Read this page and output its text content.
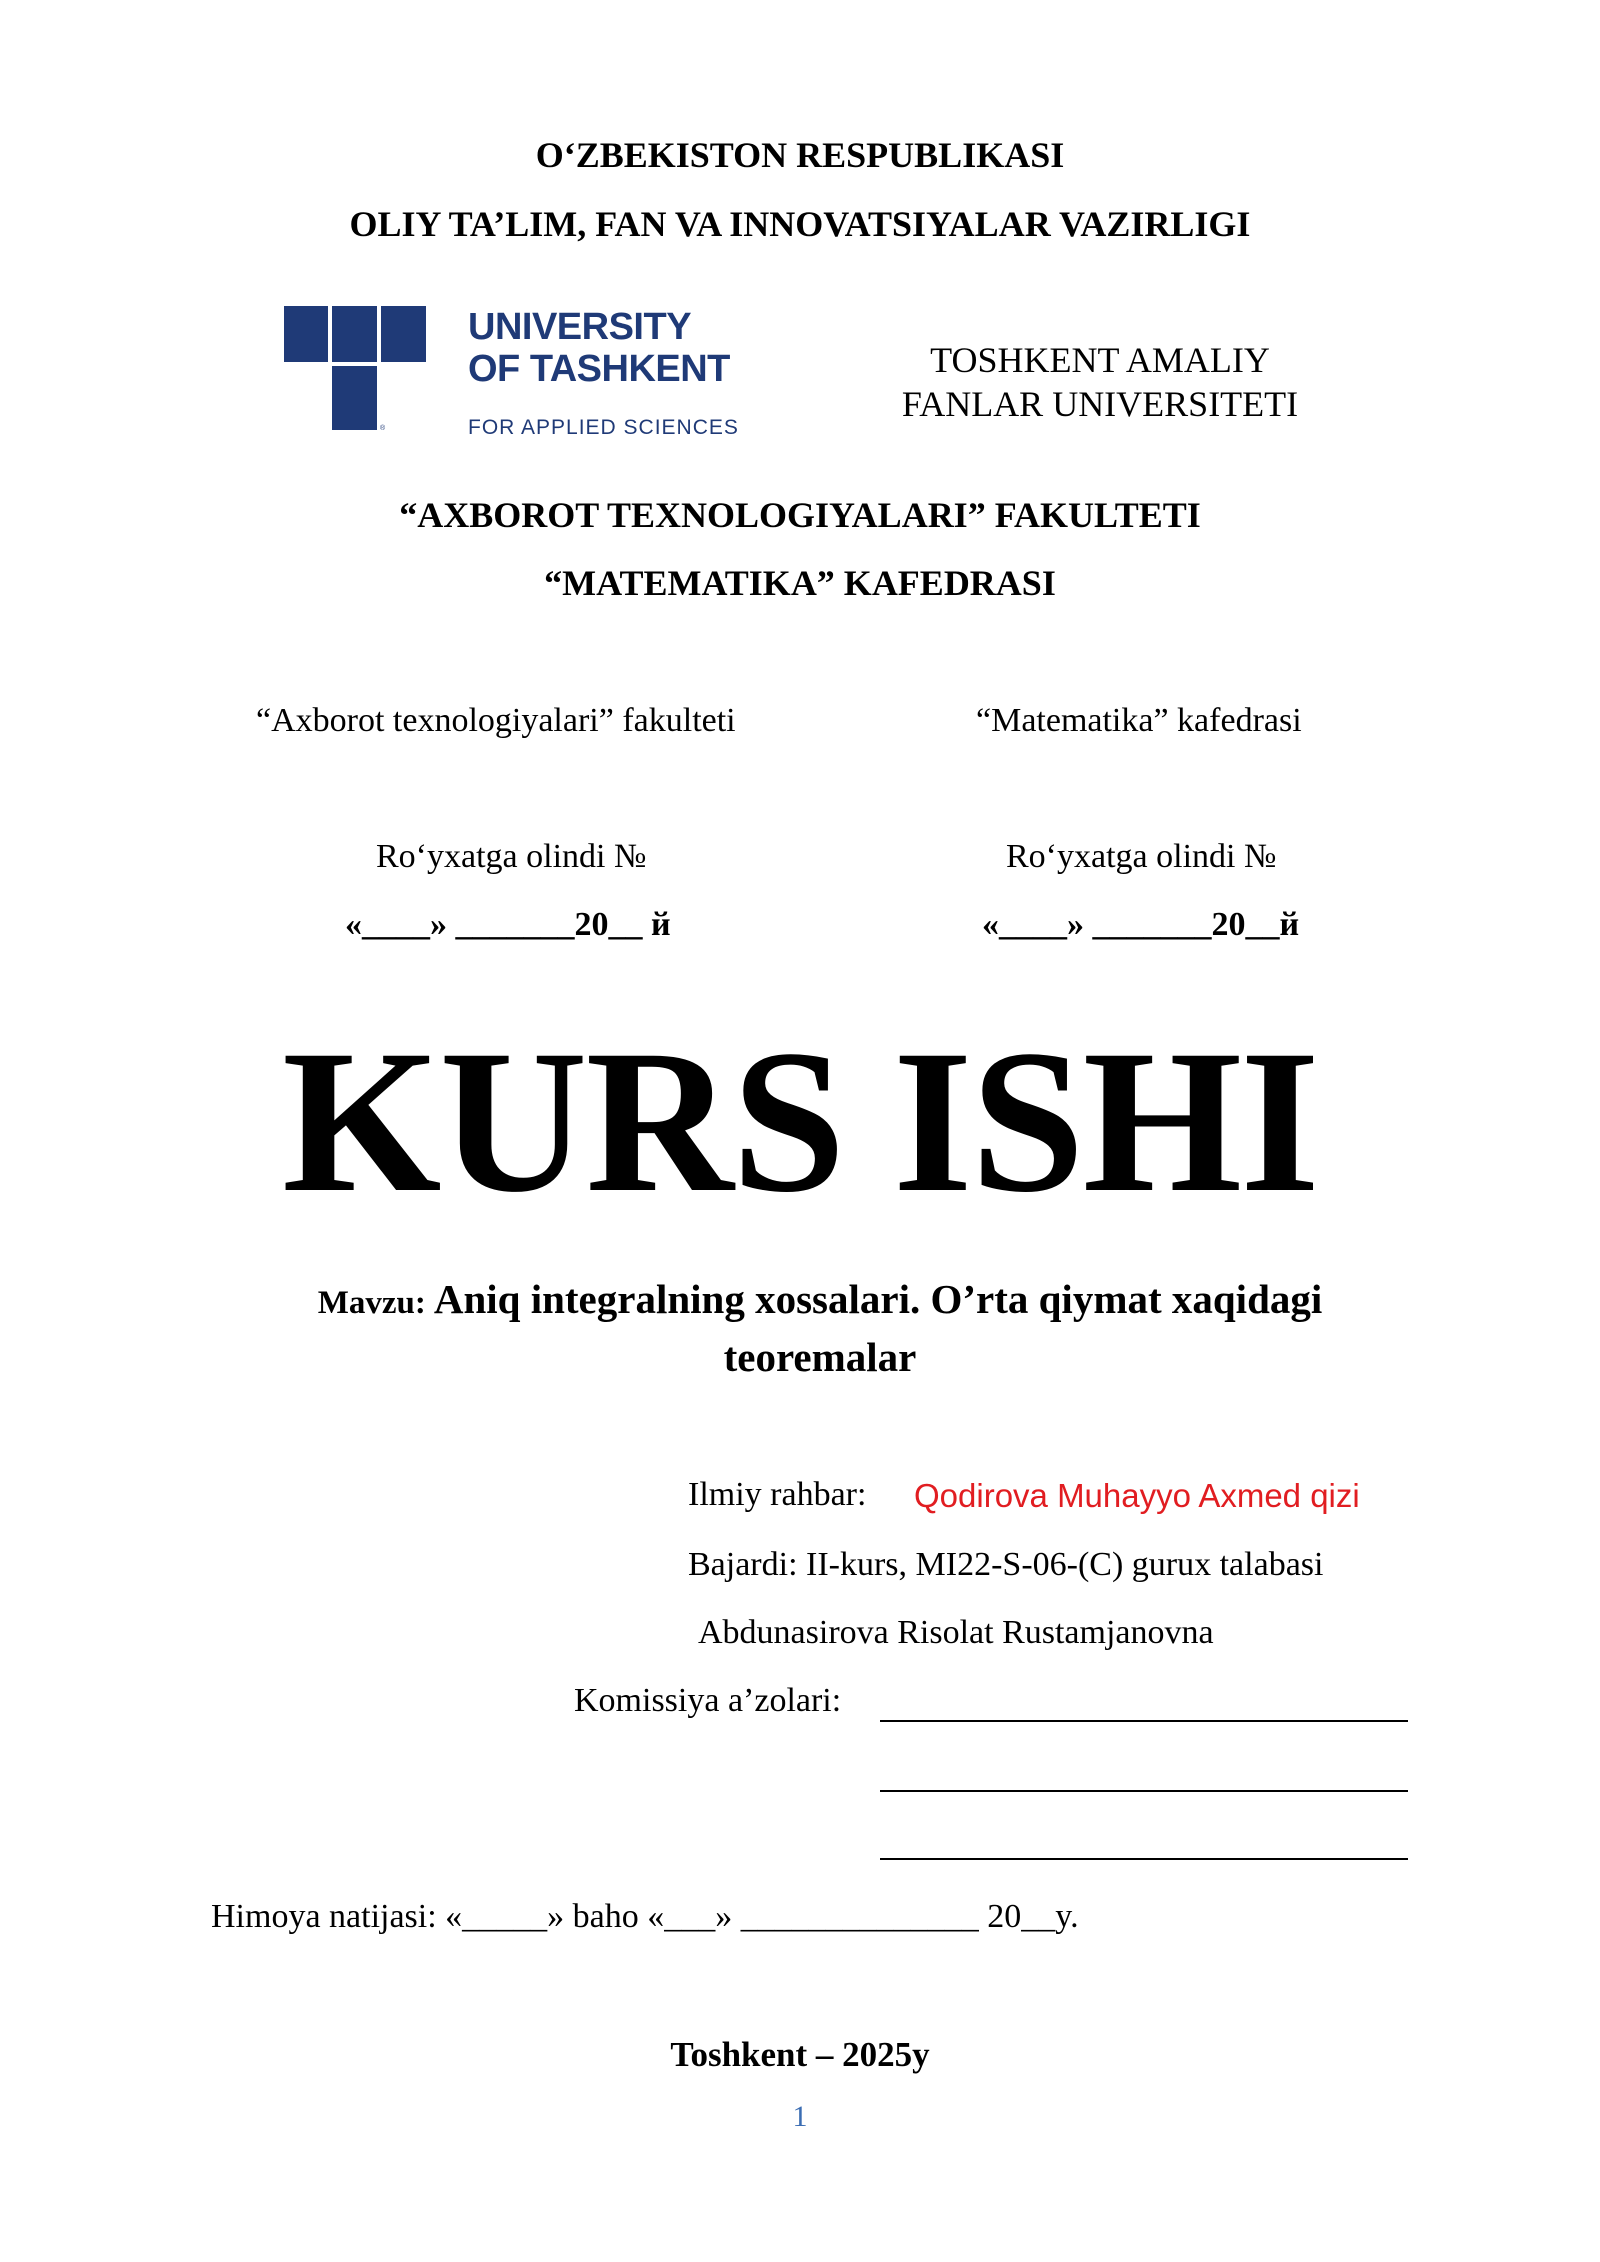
O‘ZBEKISTON RESPUBLIKASI
OLIY TA’LIM, FAN VA INNOVATSIYALAR VAZIRLIGI
®
UNIVERSITY
OF TASHKENT
FOR APPLIED SCIENCES
TOSHKENT AMALIY
FANLAR UNIVERSITETI
“AXBOROT TEXNOLOGIYALARI” FAKULTETI
“MATEMATIKA” KAFEDRASI
“Axborot texnologiyalari” fakulteti	“Matematika” kafedrasi
Ro‘yxatga olindi №	Ro‘yxatga olindi №
«____» _______20__ й	«____» _______20__й
KURS ISHI
Mavzu: Aniq integralning xossalari. O’rta qiymat xaqidagi
teoremalar
Ilmiy rahbar: Qodirova Muhayyo Axmed qizi
Bajardi: II-kurs, MI22-S-06-(C) gurux talabasi
Abdunasirova Risolat Rustamjanovna
Komissiya a’zolari:
Himoya natijasi: «_____» baho «___» ______________ 20__y.
Toshkent – 2025y
1
